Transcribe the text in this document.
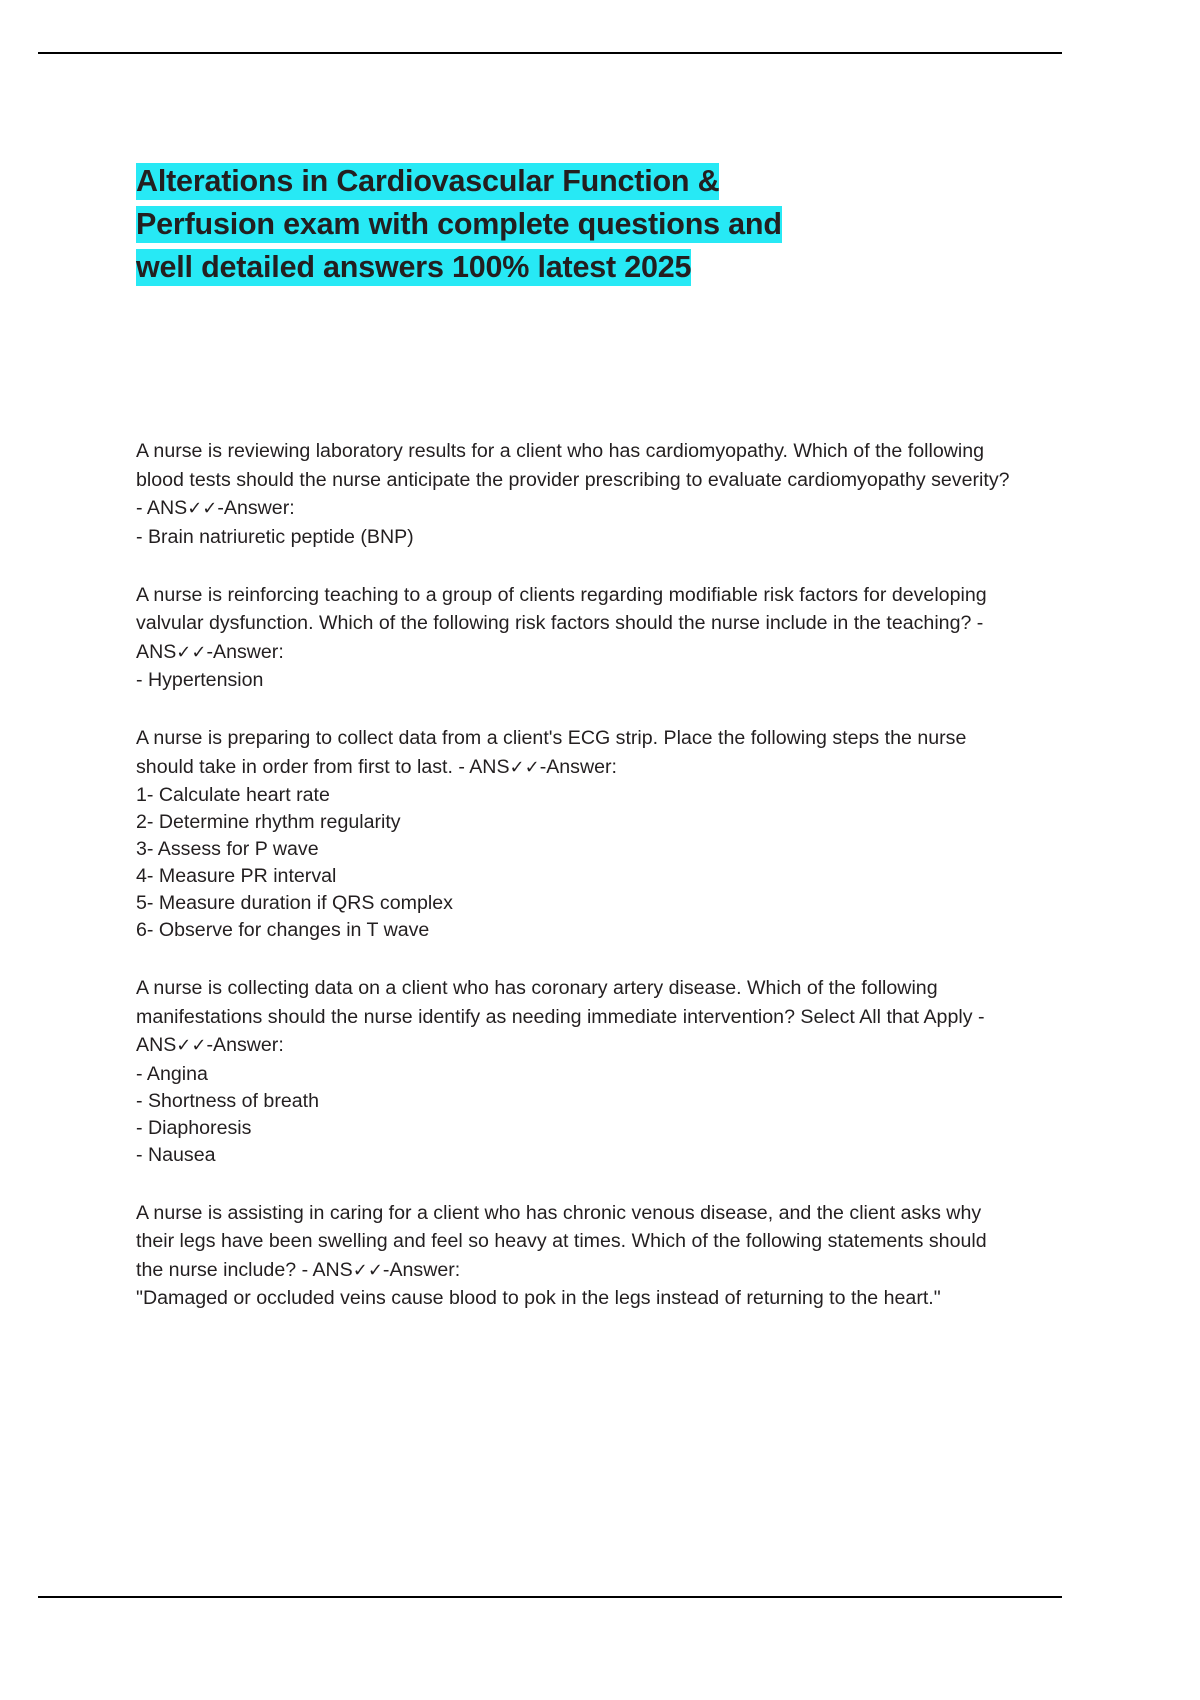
Alterations in Cardiovascular Function &
Perfusion exam with complete questions and
well detailed answers 100% latest 2025

A nurse is reviewing laboratory results for a client who has cardiomyopathy. Which of the following blood tests should the nurse anticipate the provider prescribing to evaluate cardiomyopathy severity? - ANS✓✓-Answer:

- Brain natriuretic peptide (BNP)

A nurse is reinforcing teaching to a group of clients regarding modifiable risk factors for developing valvular dysfunction. Which of the following risk factors should the nurse include in the teaching? - ANS✓✓-Answer:

- Hypertension

A nurse is preparing to collect data from a client's ECG strip. Place the following steps the nurse should take in order from first to last. - ANS✓✓-Answer:

1- Calculate heart rate

2- Determine rhythm regularity

3- Assess for P wave

4- Measure PR interval

5- Measure duration if QRS complex

6- Observe for changes in T wave

A nurse is collecting data on a client who has coronary artery disease. Which of the following manifestations should the nurse identify as needing immediate intervention? Select All that Apply - ANS✓✓-Answer:

- Angina

- Shortness of breath

- Diaphoresis

- Nausea

A nurse is assisting in caring for a client who has chronic venous disease, and the client asks why their legs have been swelling and feel so heavy at times. Which of the following statements should the nurse include? - ANS✓✓-Answer:

"Damaged or occluded veins cause blood to pok in the legs instead of returning to the heart."
